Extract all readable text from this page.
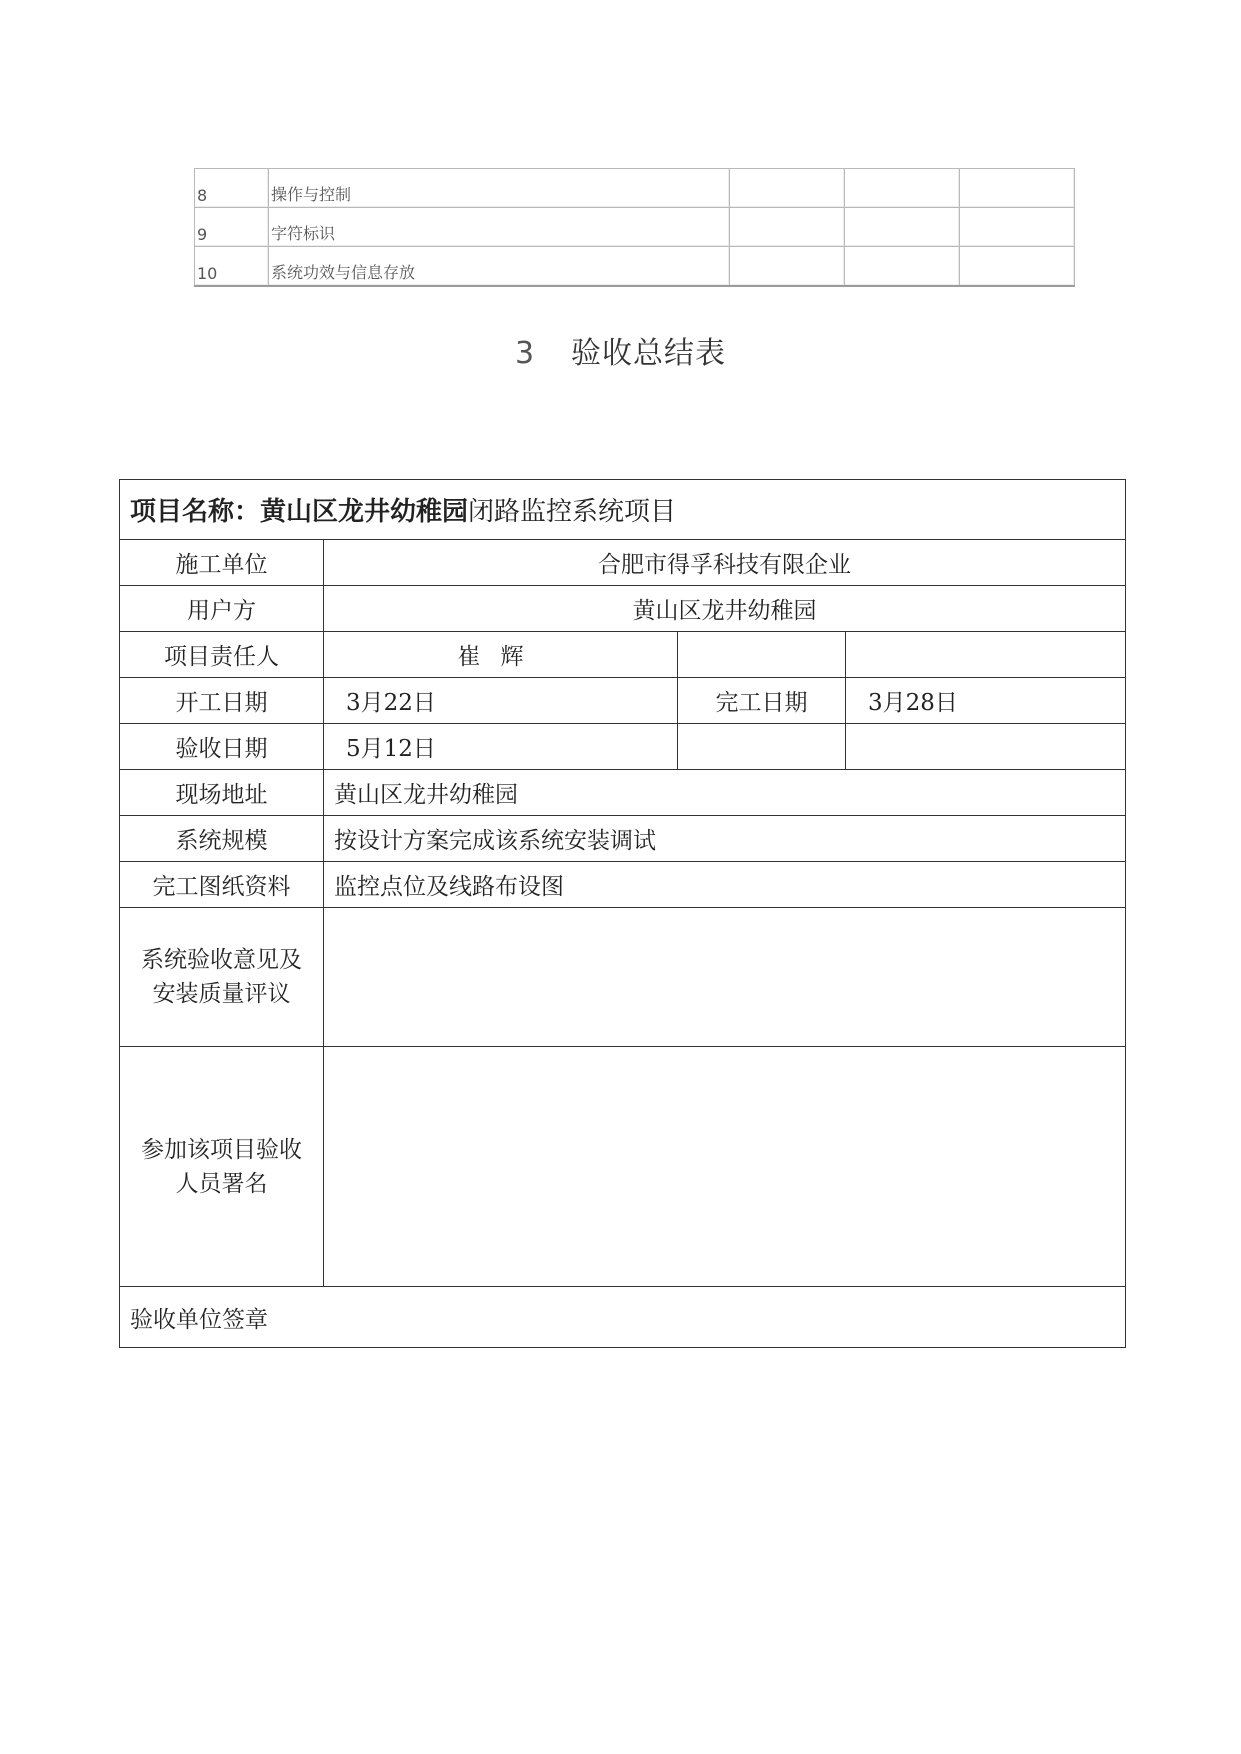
8	操作与控制			
9	字符标识			
10	系统功效与信息存放			
3 验收总结表
项目名称：黄山区龙井幼稚园闭路监控系统项目			
施工单位	合肥市得孚科技有限企业		
用户方	黄山区龙井幼稚园		
项目责任人	崔辉		
开工日期	3月22日	完工日期	3月28日
验收日期	5月12日		
现场地址	黄山区龙井幼稚园		
系统规模	按设计方案完成该系统安装调试		
完工图纸资料	监控点位及线路布设图		

系统验收意见及
安装质量评议			

参加该项目验收
人员署名			

验收单位签章			
